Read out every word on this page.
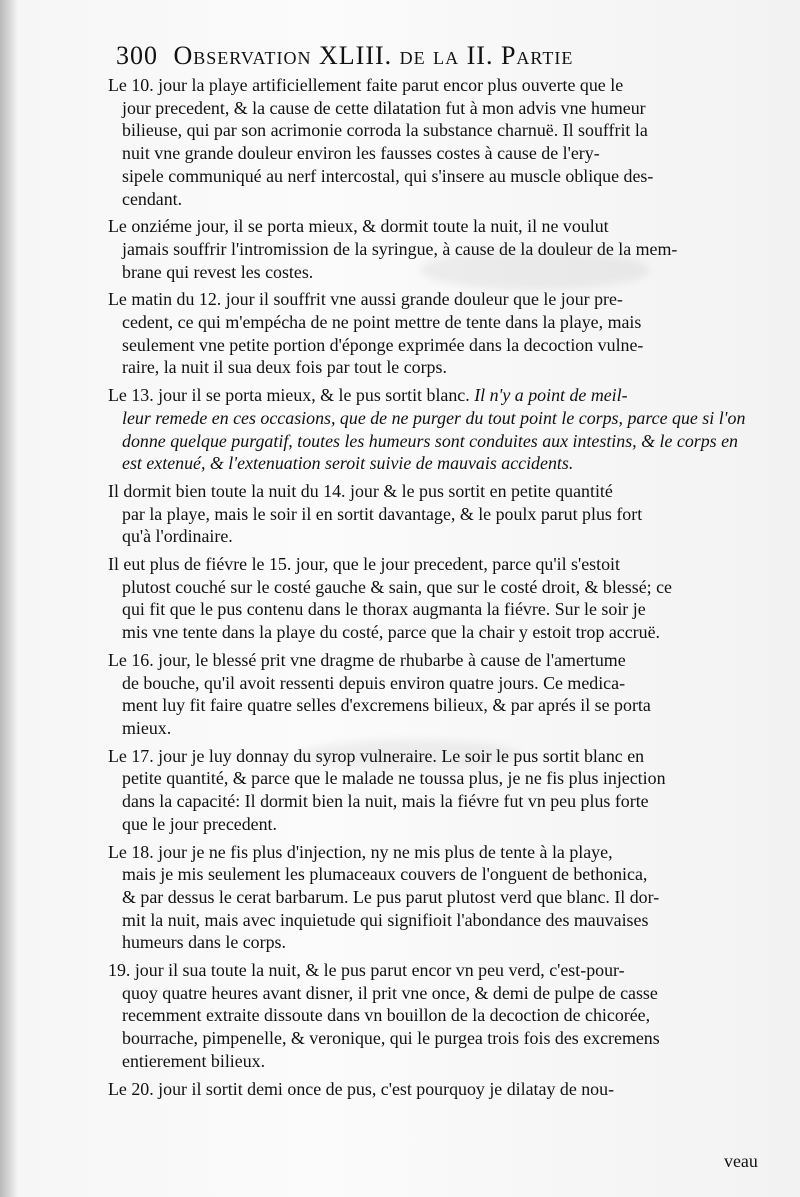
300 Observation XLIII. de la II. Partie
Le 10. jour la playe artificiellement faite parut encor plus ouverte que le
jour precedent, & la cause de cette dilatation fut à mon advis vne humeur
bilieuse, qui par son acrimonie corroda la substance charnuë. Il souffrit la
nuit vne grande douleur environ les fausses costes à cause de l'ery-
sipele communiqué au nerf intercostal, qui s'insere au muscle oblique des-
cendant.
Le onziéme jour, il se porta mieux, & dormit toute la nuit, il ne voulut
jamais souffrir l'intromission de la syringue, à cause de la douleur de la mem-
brane qui revest les costes.
Le matin du 12. jour il souffrit vne aussi grande douleur que le jour pre-
cedent, ce qui m'empécha de ne point mettre de tente dans la playe, mais
seulement vne petite portion d'éponge exprimée dans la decoction vulne-
raire, la nuit il sua deux fois par tout le corps.
Le 13. jour il se porta mieux, & le pus sortit blanc. Il n'y a point de meil-
leur remede en ces occasions, que de ne purger du tout point le corps, parce que si l'on
donne quelque purgatif, toutes les humeurs sont conduites aux intestins, & le corps en
est extenué, & l'extenuation seroit suivie de mauvais accidents.
Il dormit bien toute la nuit du 14. jour & le pus sortit en petite quantité
par la playe, mais le soir il en sortit davantage, & le poulx parut plus fort
qu'à l'ordinaire.
Il eut plus de fiévre le 15. jour, que le jour precedent, parce qu'il s'estoit
plutost couché sur le costé gauche & sain, que sur le costé droit, & blessé; ce
qui fit que le pus contenu dans le thorax augmanta la fiévre. Sur le soir je
mis vne tente dans la playe du costé, parce que la chair y estoit trop accruë.
Le 16. jour, le blessé prit vne dragme de rhubarbe à cause de l'amertume
de bouche, qu'il avoit ressenti depuis environ quatre jours. Ce medica-
ment luy fit faire quatre selles d'excremens bilieux, & par aprés il se porta
mieux.
Le 17. jour je luy donnay du syrop vulneraire. Le soir le pus sortit blanc en
petite quantité, & parce que le malade ne toussa plus, je ne fis plus injection
dans la capacité: Il dormit bien la nuit, mais la fiévre fut vn peu plus forte
que le jour precedent.
Le 18. jour je ne fis plus d'injection, ny ne mis plus de tente à la playe,
mais je mis seulement les plumaceaux couvers de l'onguent de bethonica,
& par dessus le cerat barbarum. Le pus parut plutost verd que blanc. Il dor-
mit la nuit, mais avec inquietude qui signifioit l'abondance des mauvaises
humeurs dans le corps.
19. jour il sua toute la nuit, & le pus parut encor vn peu verd, c'est-pour-
quoy quatre heures avant disner, il prit vne once, & demi de pulpe de casse
recemment extraite dissoute dans vn bouillon de la decoction de chicorée,
bourrache, pimpenelle, & veronique, qui le purgea trois fois des excremens
entierement bilieux.
Le 20. jour il sortit demi once de pus, c'est pourquoy je dilatay de nou-
veau
